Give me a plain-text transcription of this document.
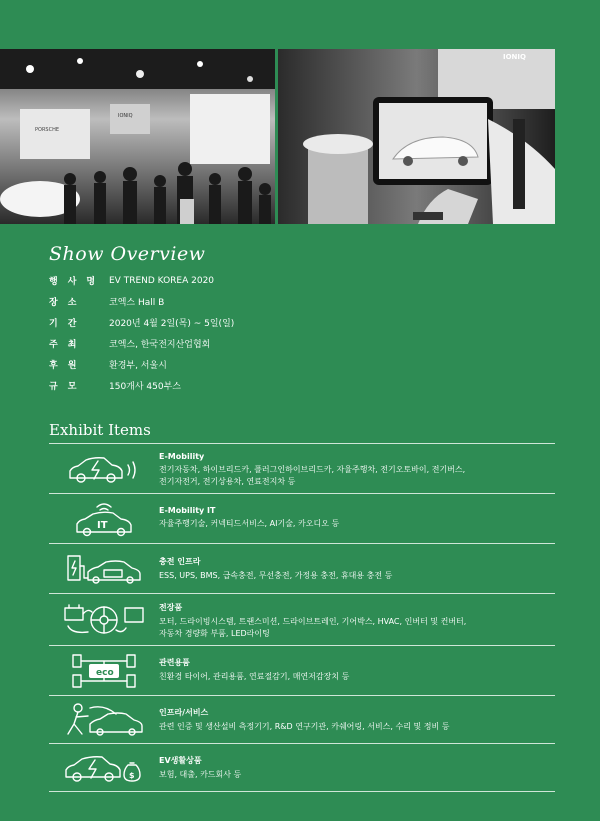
PORSCHE
IONIQ
IONIQ
Show Overview
행사명 EV TREND KOREA 2020
장소	코엑스 Hall B
기간	2020년 4월 2일(목) ~ 5일(일)
주최	코엑스, 한국전지산업협회
후원	환경부, 서울시
규모	150개사 450부스
Exhibit Items
E-Mobility
전기자동차, 하이브리드카, 플러그인하이브리드카, 자율주행차, 전기오토바이, 전기버스,
전기자전거, 전기상용차, 연료전지차 등
IT
E-Mobility IT
자율주행기술, 커넥티드서비스, AI기술, 카오디오 등
충전 인프라
ESS, UPS, BMS, 급속충전, 무선충전, 가정용 충전, 휴대용 충전 등
전장품
모터, 드라이빙시스템, 트랜스미션, 드라이브트레인, 기어박스, HVAC, 인버터 및 컨버터,
자동차 경량화 부품, LED라이팅
eco
관련용품
친환경 타이어, 관리용품, 연료절감기, 매연저감장치 등
인프라/서비스
관련 인증 및 생산설비 측정기기, R&D 연구기관, 카쉐어링, 서비스, 수리 및 정비 등
$
EV생활상품
보험, 대출, 카드회사 등
